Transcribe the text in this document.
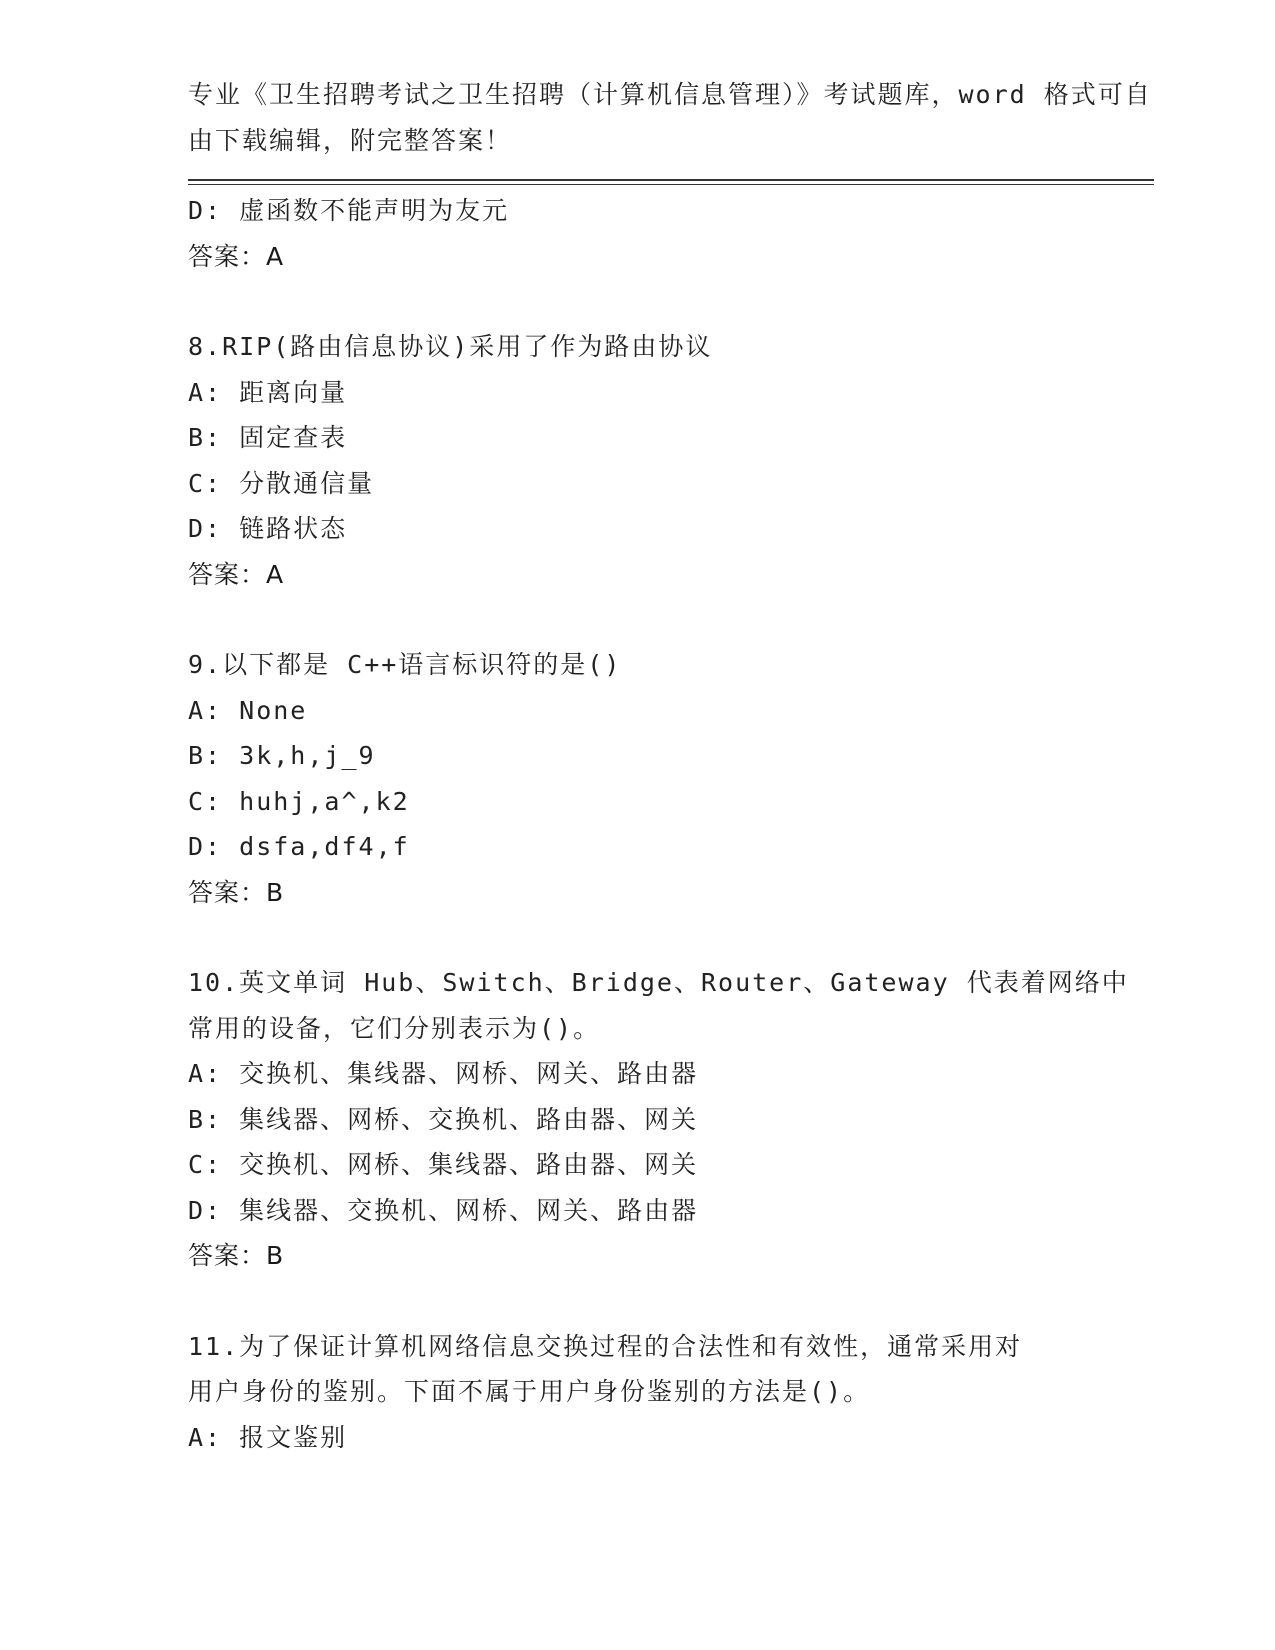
专业《卫生招聘考试之卫生招聘（计算机信息管理）》考试题库，word 格式可自
由下载编辑，附完整答案！
D: 虚函数不能声明为友元
答案：A
8.RIP(路由信息协议)采用了作为路由协议
A: 距离向量
B: 固定查表
C: 分散通信量
D: 链路状态
答案：A
9.以下都是 C++语言标识符的是()
A: None
B: 3k,h,j_9
C: huhj,a^,k2
D: dsfa,df4,f
答案：B
10.英文单词 Hub、Switch、Bridge、Router、Gateway 代表着网络中
常用的设备，它们分别表示为()。
A: 交换机、集线器、网桥、网关、路由器
B: 集线器、网桥、交换机、路由器、网关
C: 交换机、网桥、集线器、路由器、网关
D: 集线器、交换机、网桥、网关、路由器
答案：B
11.为了保证计算机网络信息交换过程的合法性和有效性，通常采用对
用户身份的鉴别。下面不属于用户身份鉴别的方法是()。
A: 报文鉴别
